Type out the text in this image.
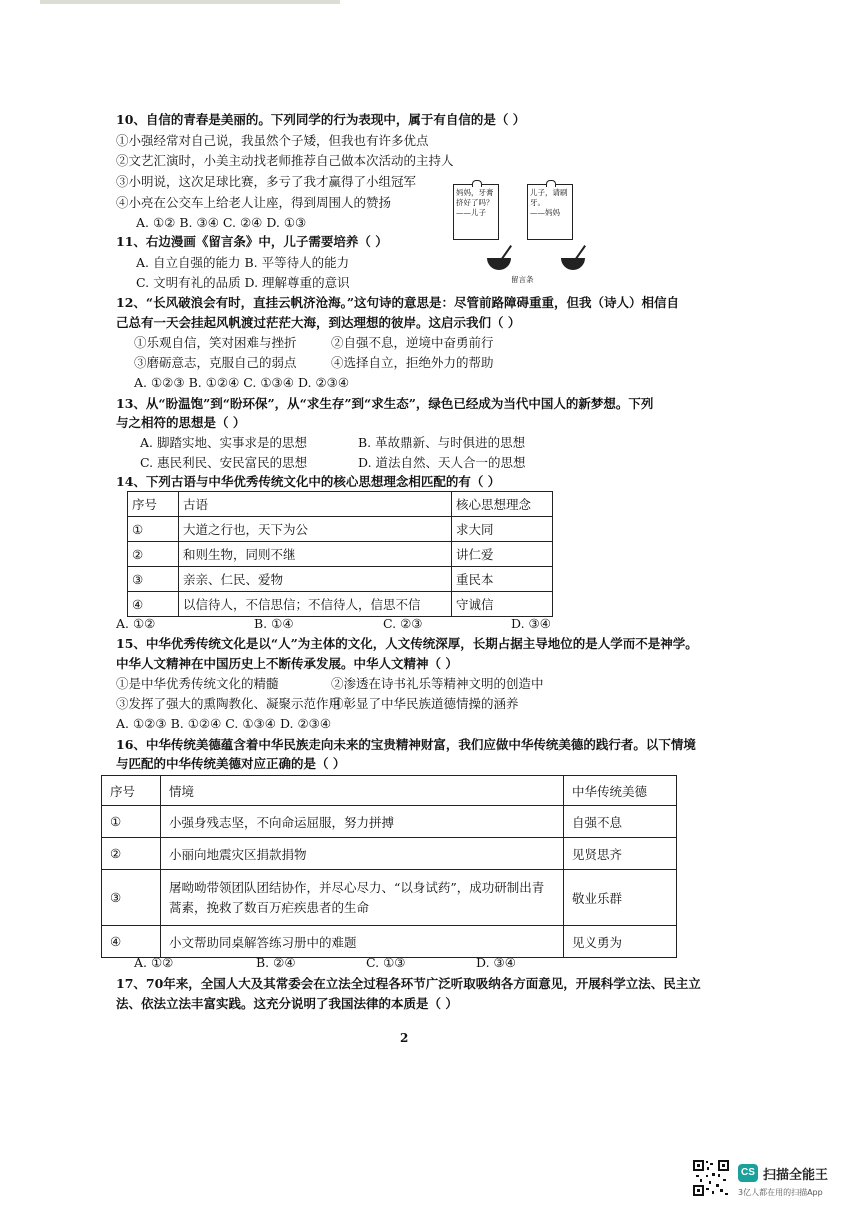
10、自信的青春是美丽的。下列同学的行为表现中，属于有自信的是（ ）
①小强经常对自己说，我虽然个子矮，但我也有许多优点
②文艺汇演时，小美主动找老师推荐自己做本次活动的主持人
③小明说，这次足球比赛，多亏了我才赢得了小组冠军
④小亮在公交车上给老人让座，得到周围人的赞扬
A. ①② B. ③④ C. ②④ D. ①③
11、右边漫画《留言条》中，儿子需要培养（ ）
A. 自立自强的能力 B. 平等待人的能力
C. 文明有礼的品质 D. 理解尊重的意识
妈妈，牙膏
挤好了吗？
——儿子
儿子，请刷
牙。
——妈妈
留言条
12、“长风破浪会有时，直挂云帆济沧海。”这句诗的意思是：尽管前路障碍重重，但我（诗人）相信自
己总有一天会挂起风帆渡过茫茫大海，到达理想的彼岸。这启示我们（ ）
①乐观自信，笑对困难与挫折	②自强不息，逆境中奋勇前行
③磨砺意志，克服自己的弱点	④选择自立，拒绝外力的帮助
A. ①②③ B. ①②④ C. ①③④ D. ②③④
13、从“盼温饱”到“盼环保”，从“求生存”到“求生态”，绿色已经成为当代中国人的新梦想。下列
与之相符的思想是（ ）
A. 脚踏实地、实事求是的思想	B. 革故鼎新、与时俱进的思想
C. 惠民利民、安民富民的思想	D. 道法自然、天人合一的思想
14、下列古语与中华优秀传统文化中的核心思想理念相匹配的有（ ）
序号	古语	核心思想理念
①	大道之行也，天下为公	求大同
②	和则生物，同则不继	讲仁爱
③	亲亲、仁民、爱物	重民本
④	以信待人，不信思信；不信待人，信思不信	守诚信
A. ①②	B. ①④	C. ②③	D. ③④
15、中华优秀传统文化是以“人”为主体的文化，人文传统深厚，长期占据主导地位的是人学而不是神学。
中华人文精神在中国历史上不断传承发展。中华人文精神（ ）
①是中华优秀传统文化的精髓	②渗透在诗书礼乐等精神文明的创造中
③发挥了强大的熏陶教化、凝聚示范作用
④彰显了中华民族道德情操的涵养
A. ①②③ B. ①②④ C. ①③④ D. ②③④
16、中华传统美德蕴含着中华民族走向未来的宝贵精神财富，我们应做中华传统美德的践行者。以下情境
与匹配的中华传统美德对应正确的是（ ）
序号	情境	中华传统美德
①	小强身残志坚，不向命运屈服，努力拼搏	自强不息
②	小丽向地震灾区捐款捐物	见贤思齐
③	屠呦呦带领团队团结协作，并尽心尽力、“以身试药”，成功研制出青蒿素，挽救了数百万疟疾患者的生命	敬业乐群
④	小文帮助同桌解答练习册中的难题	见义勇为
A. ①②	B. ②④	C. ①③	D. ③④
17、70年来，全国人大及其常委会在立法全过程各环节广泛听取吸纳各方面意见，开展科学立法、民主立
法、依法立法丰富实践。这充分说明了我国法律的本质是（ ）
2
CS 扫描全能王
3亿人都在用的扫描App
